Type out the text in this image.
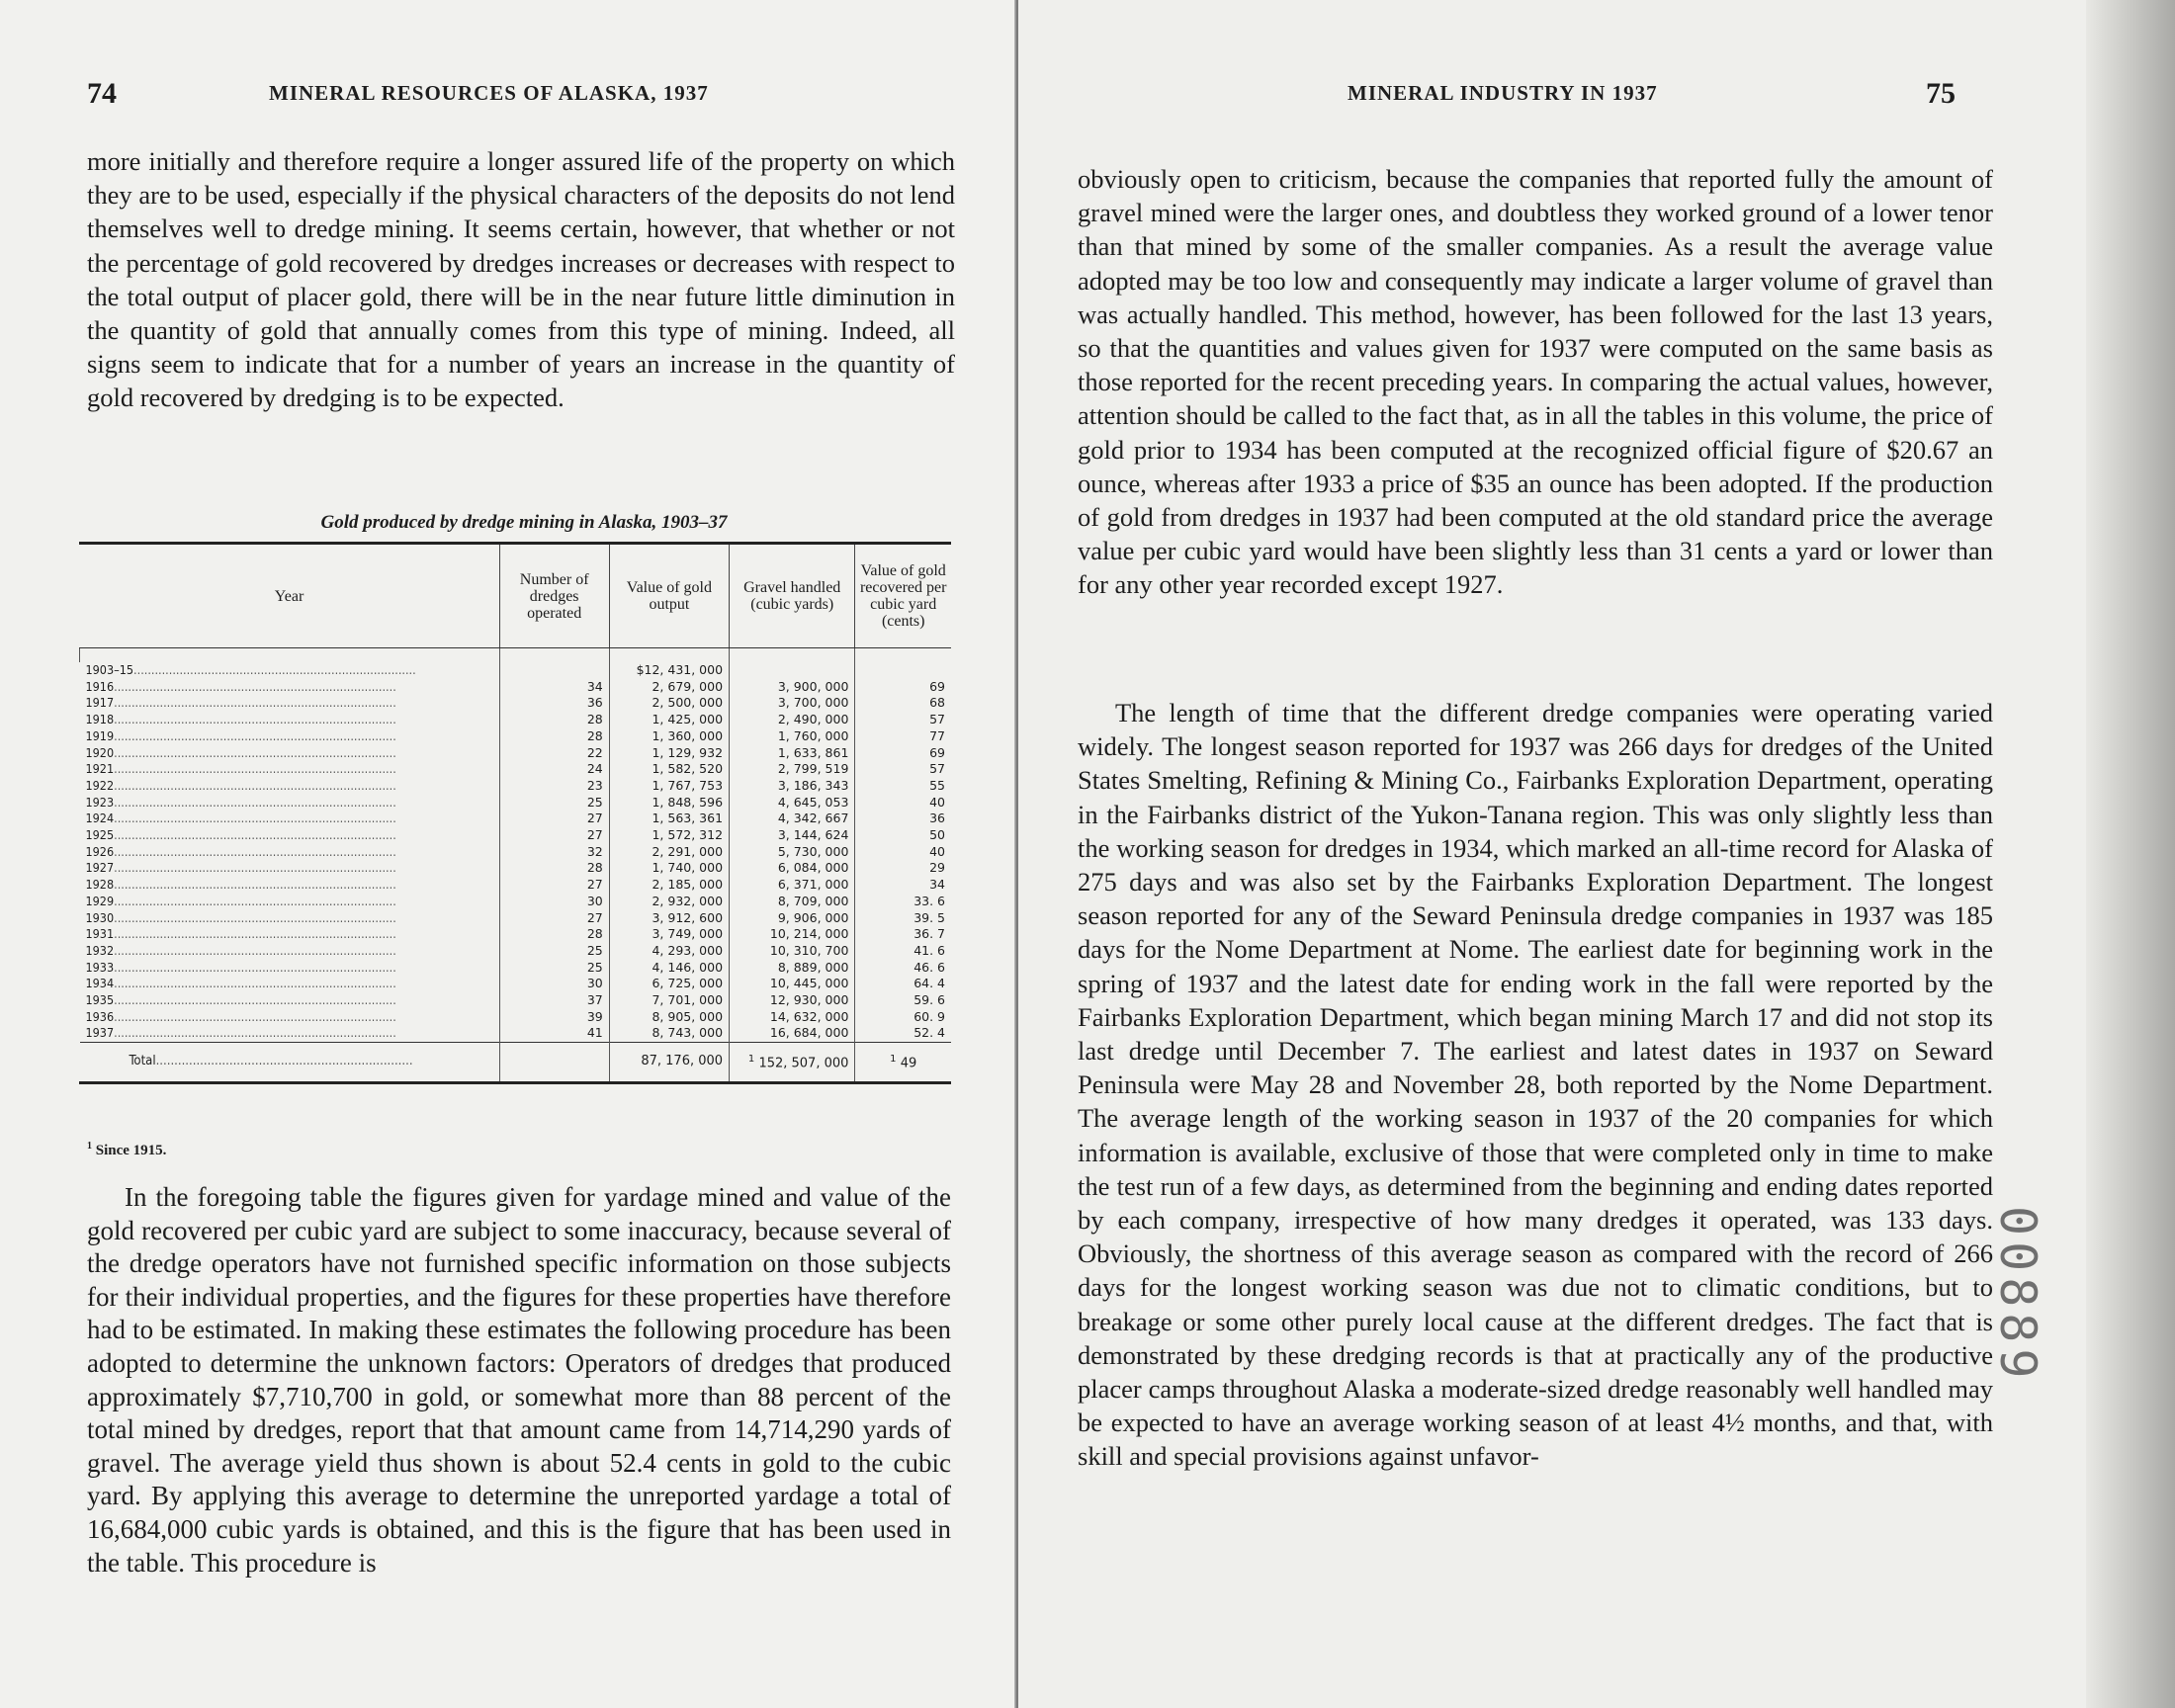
74	MINERAL RESOURCES OF ALASKA, 1937
more initially and therefore require a longer assured life of the property on which they are to be used, especially if the physical characters of the deposits do not lend themselves well to dredge mining. It seems certain, however, that whether or not the percentage of gold recovered by dredges increases or decreases with respect to the total output of placer gold, there will be in the near future little diminution in the quantity of gold that annually comes from this type of mining. Indeed, all signs seem to indicate that for a number of years an increase in the quantity of gold recovered by dredging is to be expected.
Gold produced by dredge mining in Alaska, 1903–37
Year	Number of dredges operated	Value of gold output	Gravel handled (cubic yards)	Value of gold recovered per cubic yard (cents)

1903–15................................................................................		$12, 431, 000		
1916................................................................................	34	2, 679, 000	3, 900, 000	69
1917................................................................................	36	2, 500, 000	3, 700, 000	68
1918................................................................................	28	1, 425, 000	2, 490, 000	57
1919................................................................................	28	1, 360, 000	1, 760, 000	77
1920................................................................................	22	1, 129, 932	1, 633, 861	69
1921................................................................................	24	1, 582, 520	2, 799, 519	57
1922................................................................................	23	1, 767, 753	3, 186, 343	55
1923................................................................................	25	1, 848, 596	4, 645, 053	40
1924................................................................................	27	1, 563, 361	4, 342, 667	36
1925................................................................................	27	1, 572, 312	3, 144, 624	50
1926................................................................................	32	2, 291, 000	5, 730, 000	40
1927................................................................................	28	1, 740, 000	6, 084, 000	29
1928................................................................................	27	2, 185, 000	6, 371, 000	34
1929................................................................................	30	2, 932, 000	8, 709, 000	33. 6
1930................................................................................	27	3, 912, 600	9, 906, 000	39. 5
1931................................................................................	28	3, 749, 000	10, 214, 000	36. 7
1932................................................................................	25	4, 293, 000	10, 310, 700	41. 6
1933................................................................................	25	4, 146, 000	8, 889, 000	46. 6
1934................................................................................	30	6, 725, 000	10, 445, 000	64. 4
1935................................................................................	37	7, 701, 000	12, 930, 000	59. 6
1936................................................................................	39	8, 905, 000	14, 632, 000	60. 9
1937................................................................................	41	8, 743, 000	16, 684, 000	52. 4
Total......................................................................		87, 176, 000	$^1$ 152, 507, 000	$^1$ 49
$^1$ Since 1915.
In the foregoing table the figures given for yardage mined and value of the gold recovered per cubic yard are subject to some inaccuracy, because several of the dredge operators have not furnished specific information on those subjects for their individual properties, and the figures for these properties have therefore had to be estimated. In making these estimates the following procedure has been adopted to determine the unknown factors: Operators of dredges that produced approximately $7,710,700 in gold, or somewhat more than 88 percent of the total mined by dredges, report that that amount came from 14,714,290 yards of gravel. The average yield thus shown is about 52.4 cents in gold to the cubic yard. By applying this average to determine the unreported yardage a total of 16,684,000 cubic yards is obtained, and this is the figure that has been used in the table. This procedure is
MINERAL INDUSTRY IN 1937	75
obviously open to criticism, because the companies that reported fully the amount of gravel mined were the larger ones, and doubtless they worked ground of a lower tenor than that mined by some of the smaller companies. As a result the average value adopted may be too low and consequently may indicate a larger volume of gravel than was actually handled. This method, however, has been followed for the last 13 years, so that the quantities and values given for 1937 were computed on the same basis as those reported for the recent preceding years. In comparing the actual values, however, attention should be called to the fact that, as in all the tables in this volume, the price of gold prior to 1934 has been computed at the recognized official figure of $20.67 an ounce, whereas after 1933 a price of $35 an ounce has been adopted. If the production of gold from dredges in 1937 had been computed at the old standard price the average value per cubic yard would have been slightly less than 31 cents a yard or lower than for any other year recorded except 1927.
The length of time that the different dredge companies were operating varied widely. The longest season reported for 1937 was 266 days for dredges of the United States Smelting, Refining & Mining Co., Fairbanks Exploration Department, operating in the Fairbanks district of the Yukon-Tanana region. This was only slightly less than the working season for dredges in 1934, which marked an all-time record for Alaska of 275 days and was also set by the Fairbanks Exploration Department. The longest season reported for any of the Seward Peninsula dredge companies in 1937 was 185 days for the Nome Department at Nome. The earliest date for beginning work in the spring of 1937 and the latest date for ending work in the fall were reported by the Fairbanks Exploration Department, which began mining March 17 and did not stop its last dredge until December 7. The earliest and latest dates in 1937 on Seward Peninsula were May 28 and November 28, both reported by the Nome Department. The average length of the working season in 1937 of the 20 companies for which information is available, exclusive of those that were completed only in time to make the test run of a few days, as determined from the beginning and ending dates reported by each company, irrespective of how many dredges it operated, was 133 days. Obviously, the shortness of this average season as compared with the record of 266 days for the longest working season was due not to climatic conditions, but to breakage or some other purely local cause at the different dredges. The fact that is demonstrated by these dredging records is that at practically any of the productive placer camps throughout Alaska a moderate-sized dredge reasonably well handled may be expected to have an average working season of at least 4½ months, and that, with skill and special provisions against unfavor-
00889
